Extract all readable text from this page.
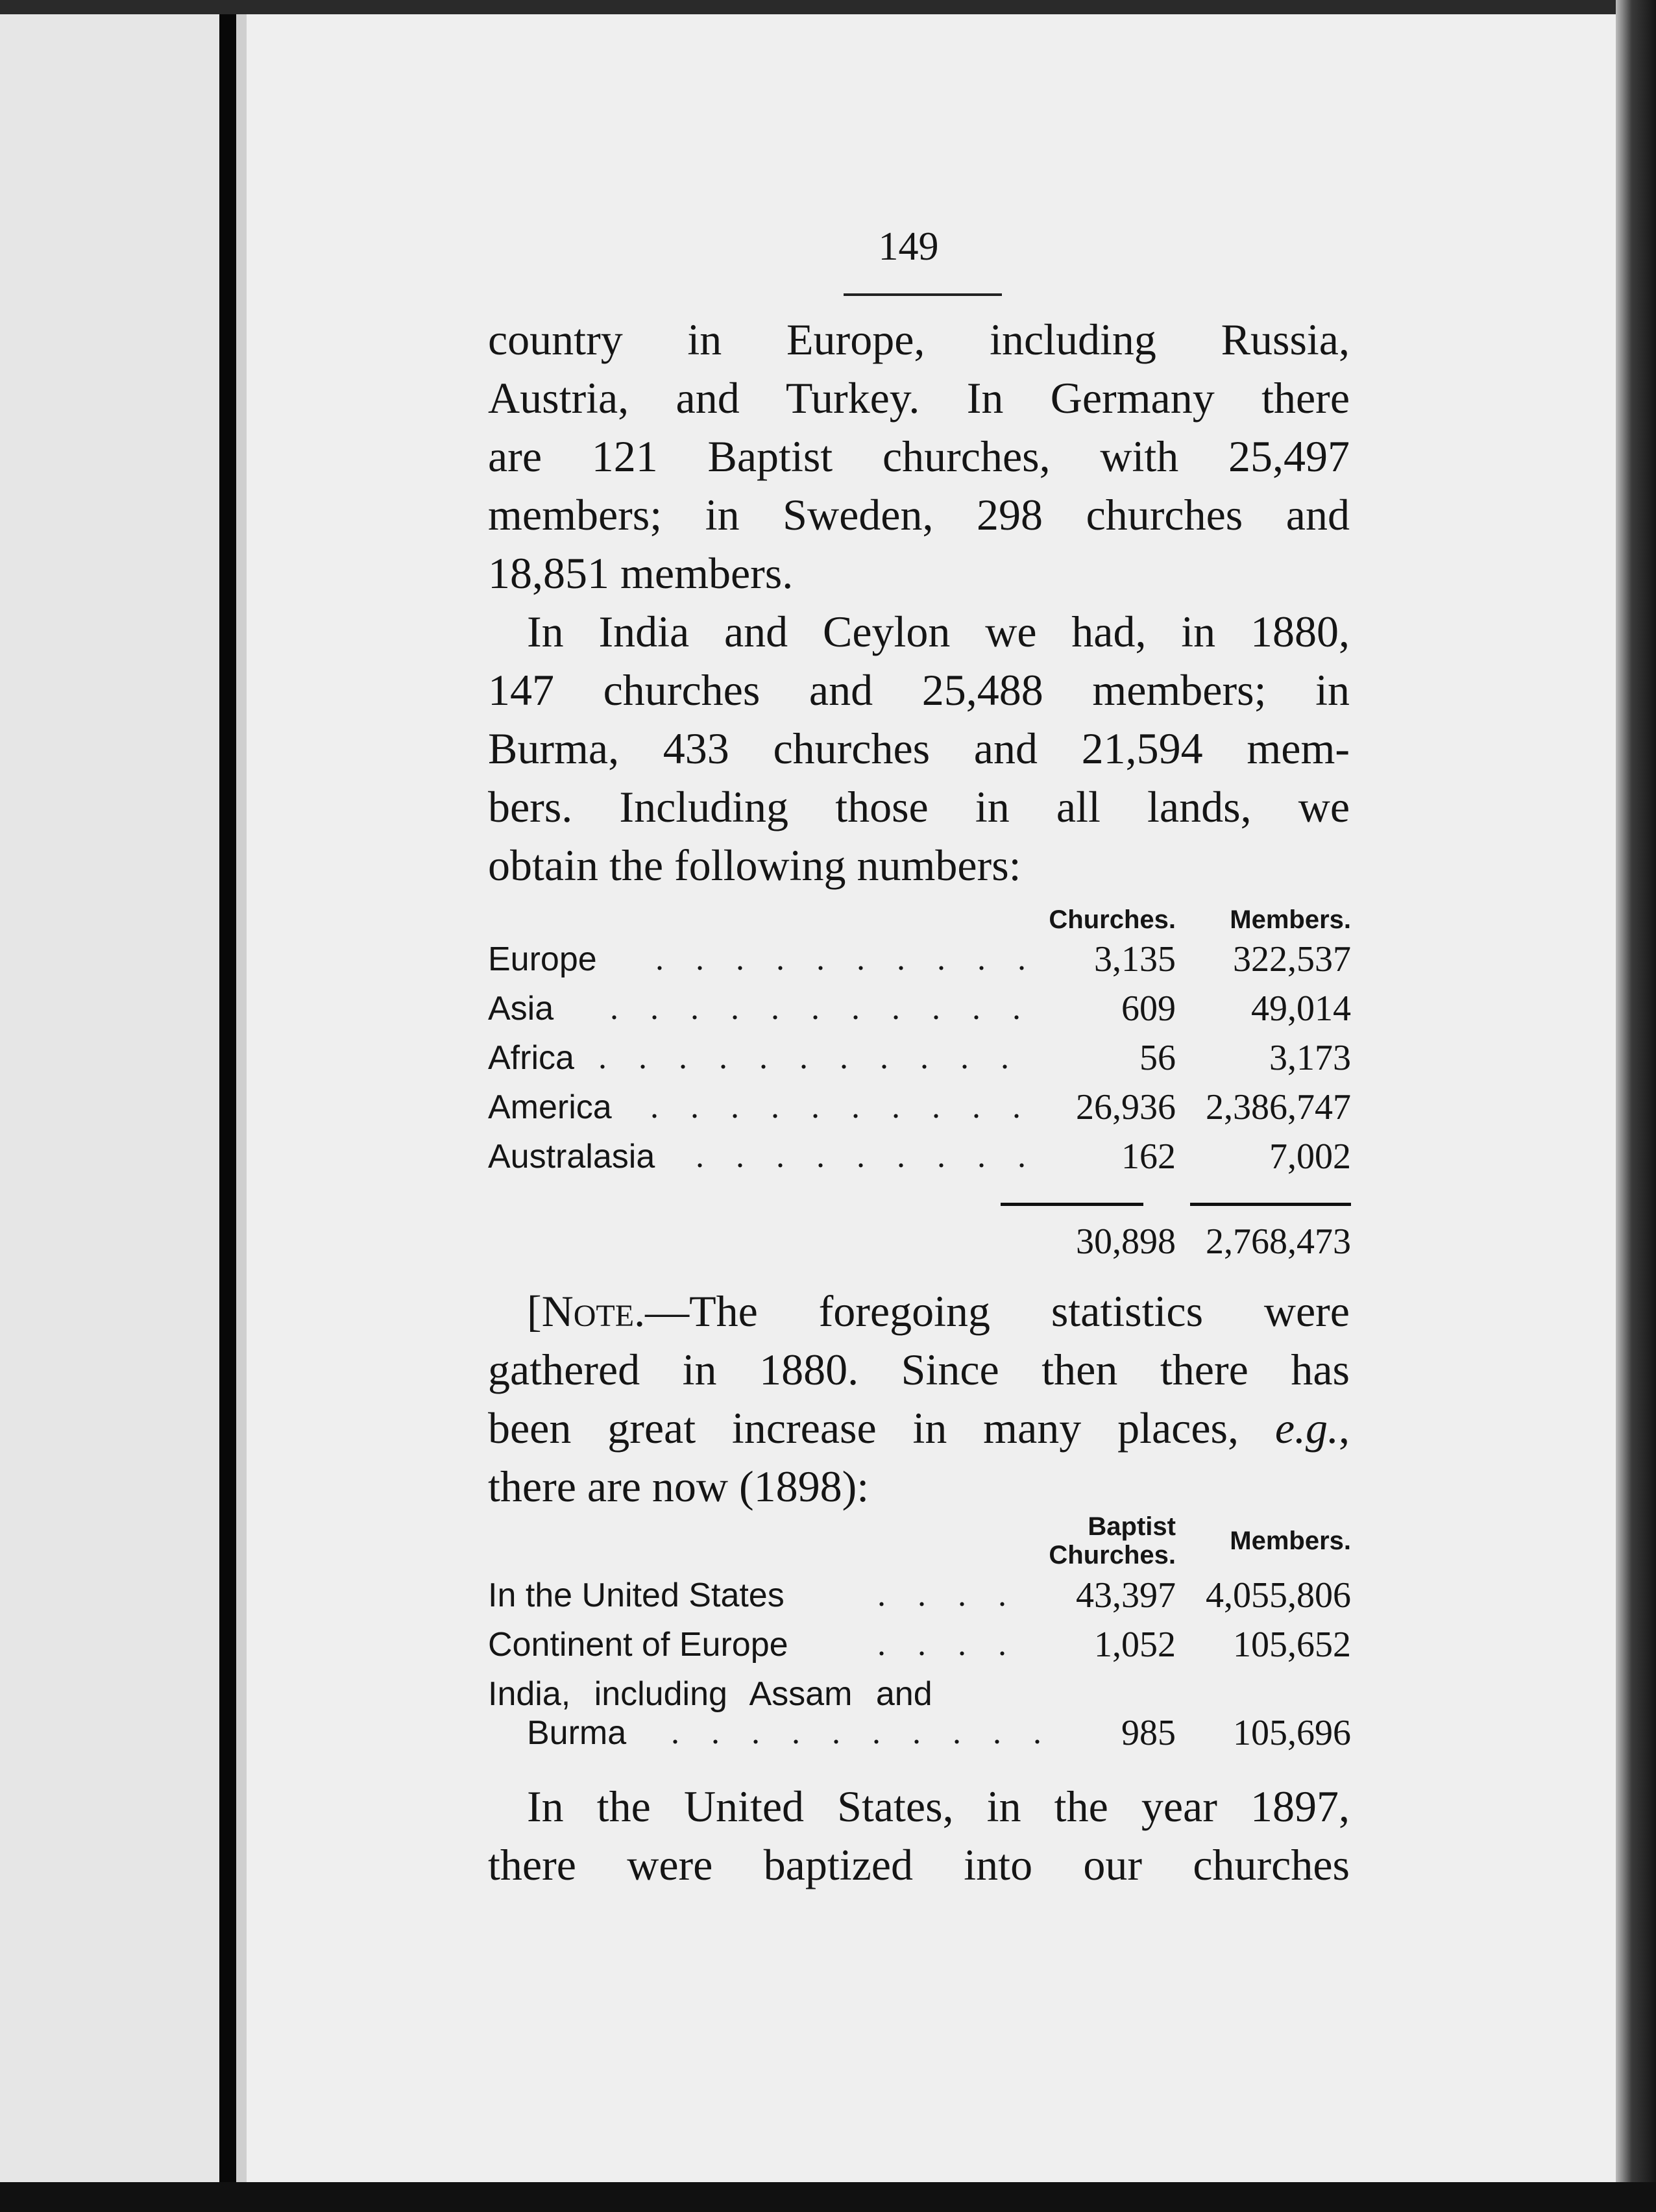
149
country in Europe, including Russia,
Austria, and Turkey. In Germany there
are 121 Baptist churches, with 25,497
members; in Sweden, 298 churches and
18,851 members.
In India and Ceylon we had, in 1880,
147 churches and 25,488 members; in
Burma, 433 churches and 21,594 mem-
bers. Including those in all lands, we
obtain the following numbers:
Churches.	Members.
Europe . . . . . . . . . .	3,135	322,537
Asia . . . . . . . . . . .	609	49,014
Africa . . . . . . . . . . .	56	3,173
America . . . . . . . . . .	26,936 2,386,747
Australasia . . . . . . . . .	162	7,002
30,898 2,768,473
[Note.—The foregoing statistics were
gathered in 1880. Since then there has
been great increase in many places, e.g.,
there are now (1898):
Baptist
Churches.	Members.
In the United States	. . . .	43,397 4,055,806
Continent of Europe	. . . .	1,052	105,652
India, including Assam and
Burma . . . . . . . . . .	985	105,696
In the United States, in the year 1897,
there were baptized into our churches
